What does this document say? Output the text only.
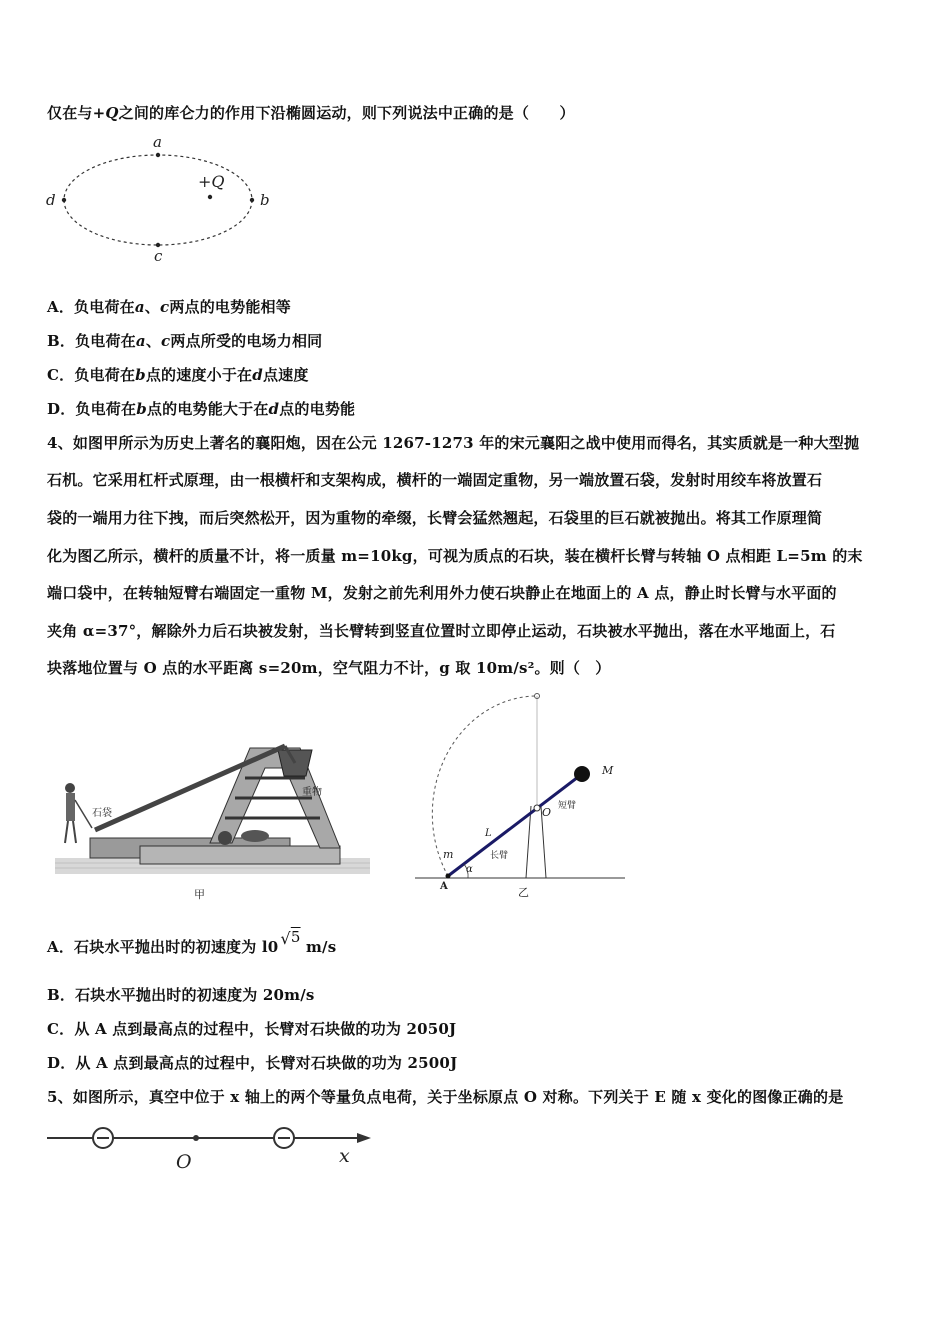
仅在与+Q之间的库仑力的作用下沿椭圆运动，则下列说法中正确的是（　　）
a
b
c
d
+Q
A．负电荷在a、c两点的电势能相等
B．负电荷在a、c两点所受的电场力相同
C．负电荷在b点的速度小于在d点速度
D．负电荷在b点的电势能大于在d点的电势能
4、如图甲所示为历史上著名的襄阳炮，因在公元 1267-1273 年的宋元襄阳之战中使用而得名，其实质就是一种大型抛
石机。它采用杠杆式原理，由一根横杆和支架构成，横杆的一端固定重物，另一端放置石袋，发射时用绞车将放置石
袋的一端用力往下拽，而后突然松开，因为重物的牵缀，长臂会猛然翘起，石袋里的巨石就被抛出。将其工作原理简
化为图乙所示，横杆的质量不计，将一质量 m=10kg，可视为质点的石块，装在横杆长臂与转轴 O 点相距 L=5m 的末
端口袋中，在转轴短臂右端固定一重物 M，发射之前先利用外力使石块静止在地面上的 A 点，静止时长臂与水平面的
夹角 α=37°，解除外力后石块被发射，当长臂转到竖直位置时立即停止运动，石块被水平抛出，落在水平地面上，石
块落地位置与 O 点的水平距离 s=20m，空气阻力不计，g 取 10m/s²。则（　）
石袋
重物
甲
M
O 短臂
L
长臂
m
α
A	乙
A．石块水平抛出时的初速度为 l0 √5 m/s
B．石块水平抛出时的初速度为 20m/s
C．从 A 点到最高点的过程中，长臂对石块做的功为 2050J
D．从 A 点到最高点的过程中，长臂对石块做的功为 2500J
5、如图所示，真空中位于 x 轴上的两个等量负点电荷，关于坐标原点 O 对称。下列关于 E 随 x 变化的图像正确的是
O	x
